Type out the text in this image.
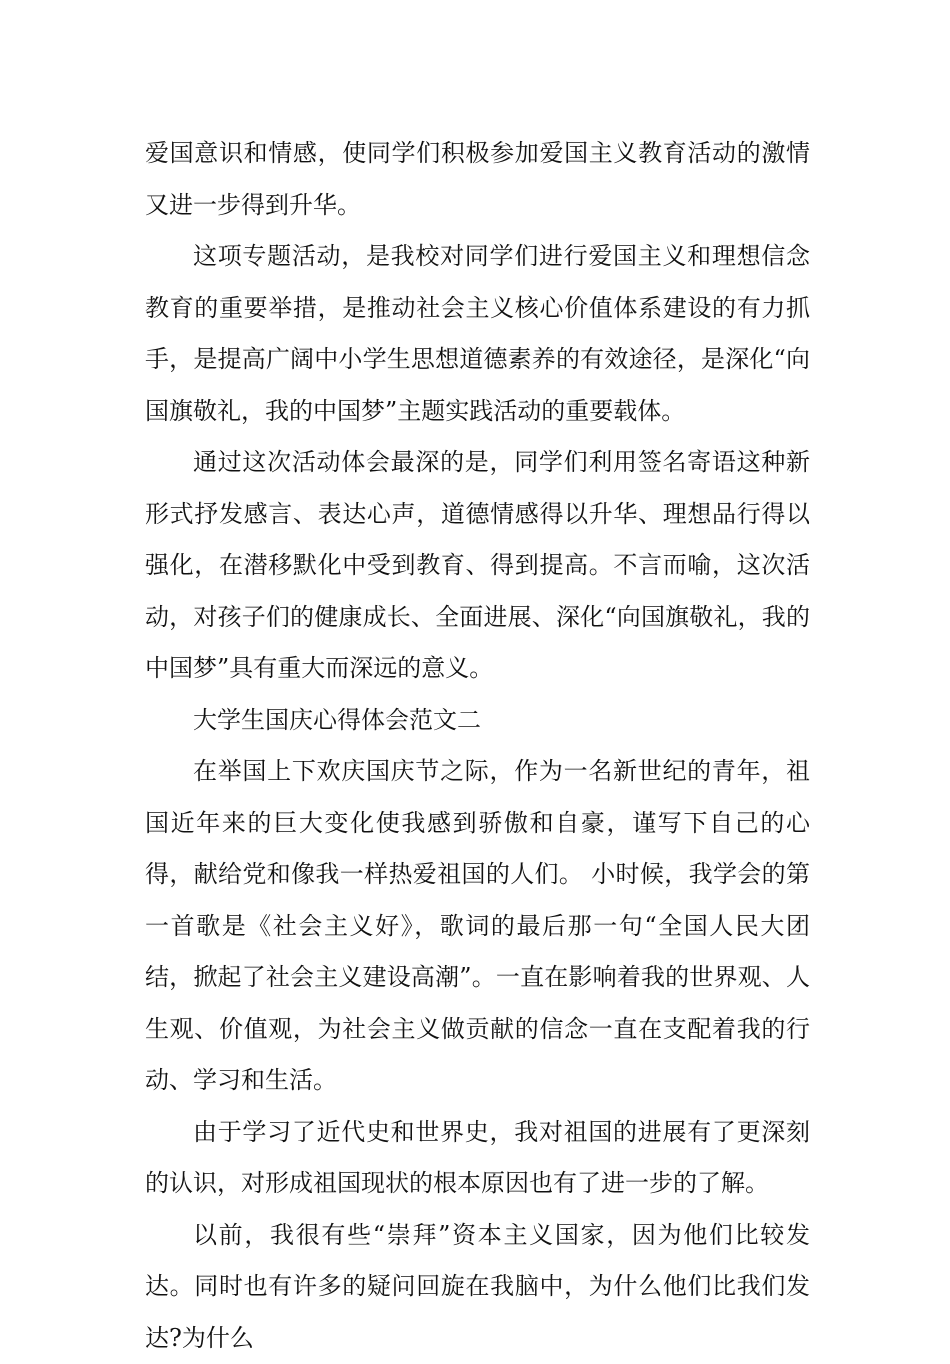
爱国意识和情感，使同学们积极参加爱国主义教育活动的激情又进一步得到升华。

这项专题活动，是我校对同学们进行爱国主义和理想信念教育的重要举措，是推动社会主义核心价值体系建设的有力抓手，是提高广阔中小学生思想道德素养的有效途径，是深化“向国旗敬礼，我的中国梦”主题实践活动的重要载体。

通过这次活动体会最深的是，同学们利用签名寄语这种新形式抒发感言、表达心声，道德情感得以升华、理想品行得以强化，在潜移默化中受到教育、得到提高。不言而喻，这次活动，对孩子们的健康成长、全面进展、深化“向国旗敬礼，我的中国梦”具有重大而深远的意义。

大学生国庆心得体会范文二

在举国上下欢庆国庆节之际，作为一名新世纪的青年，祖国近年来的巨大变化使我感到骄傲和自豪，谨写下自己的心得，献给党和像我一样热爱祖国的人们。 小时候，我学会的第一首歌是《社会主义好》，歌词的最后那一句“全国人民大团结，掀起了社会主义建设高潮”。一直在影响着我的世界观、人生观、价值观，为社会主义做贡献的信念一直在支配着我的行动、学习和生活。

由于学习了近代史和世界史，我对祖国的进展有了更深刻的认识，对形成祖国现状的根本原因也有了进一步的了解。

以前，我很有些“崇拜”资本主义国家，因为他们比较发达。同时也有许多的疑问回旋在我脑中，为什么他们比我们发达?为什么
